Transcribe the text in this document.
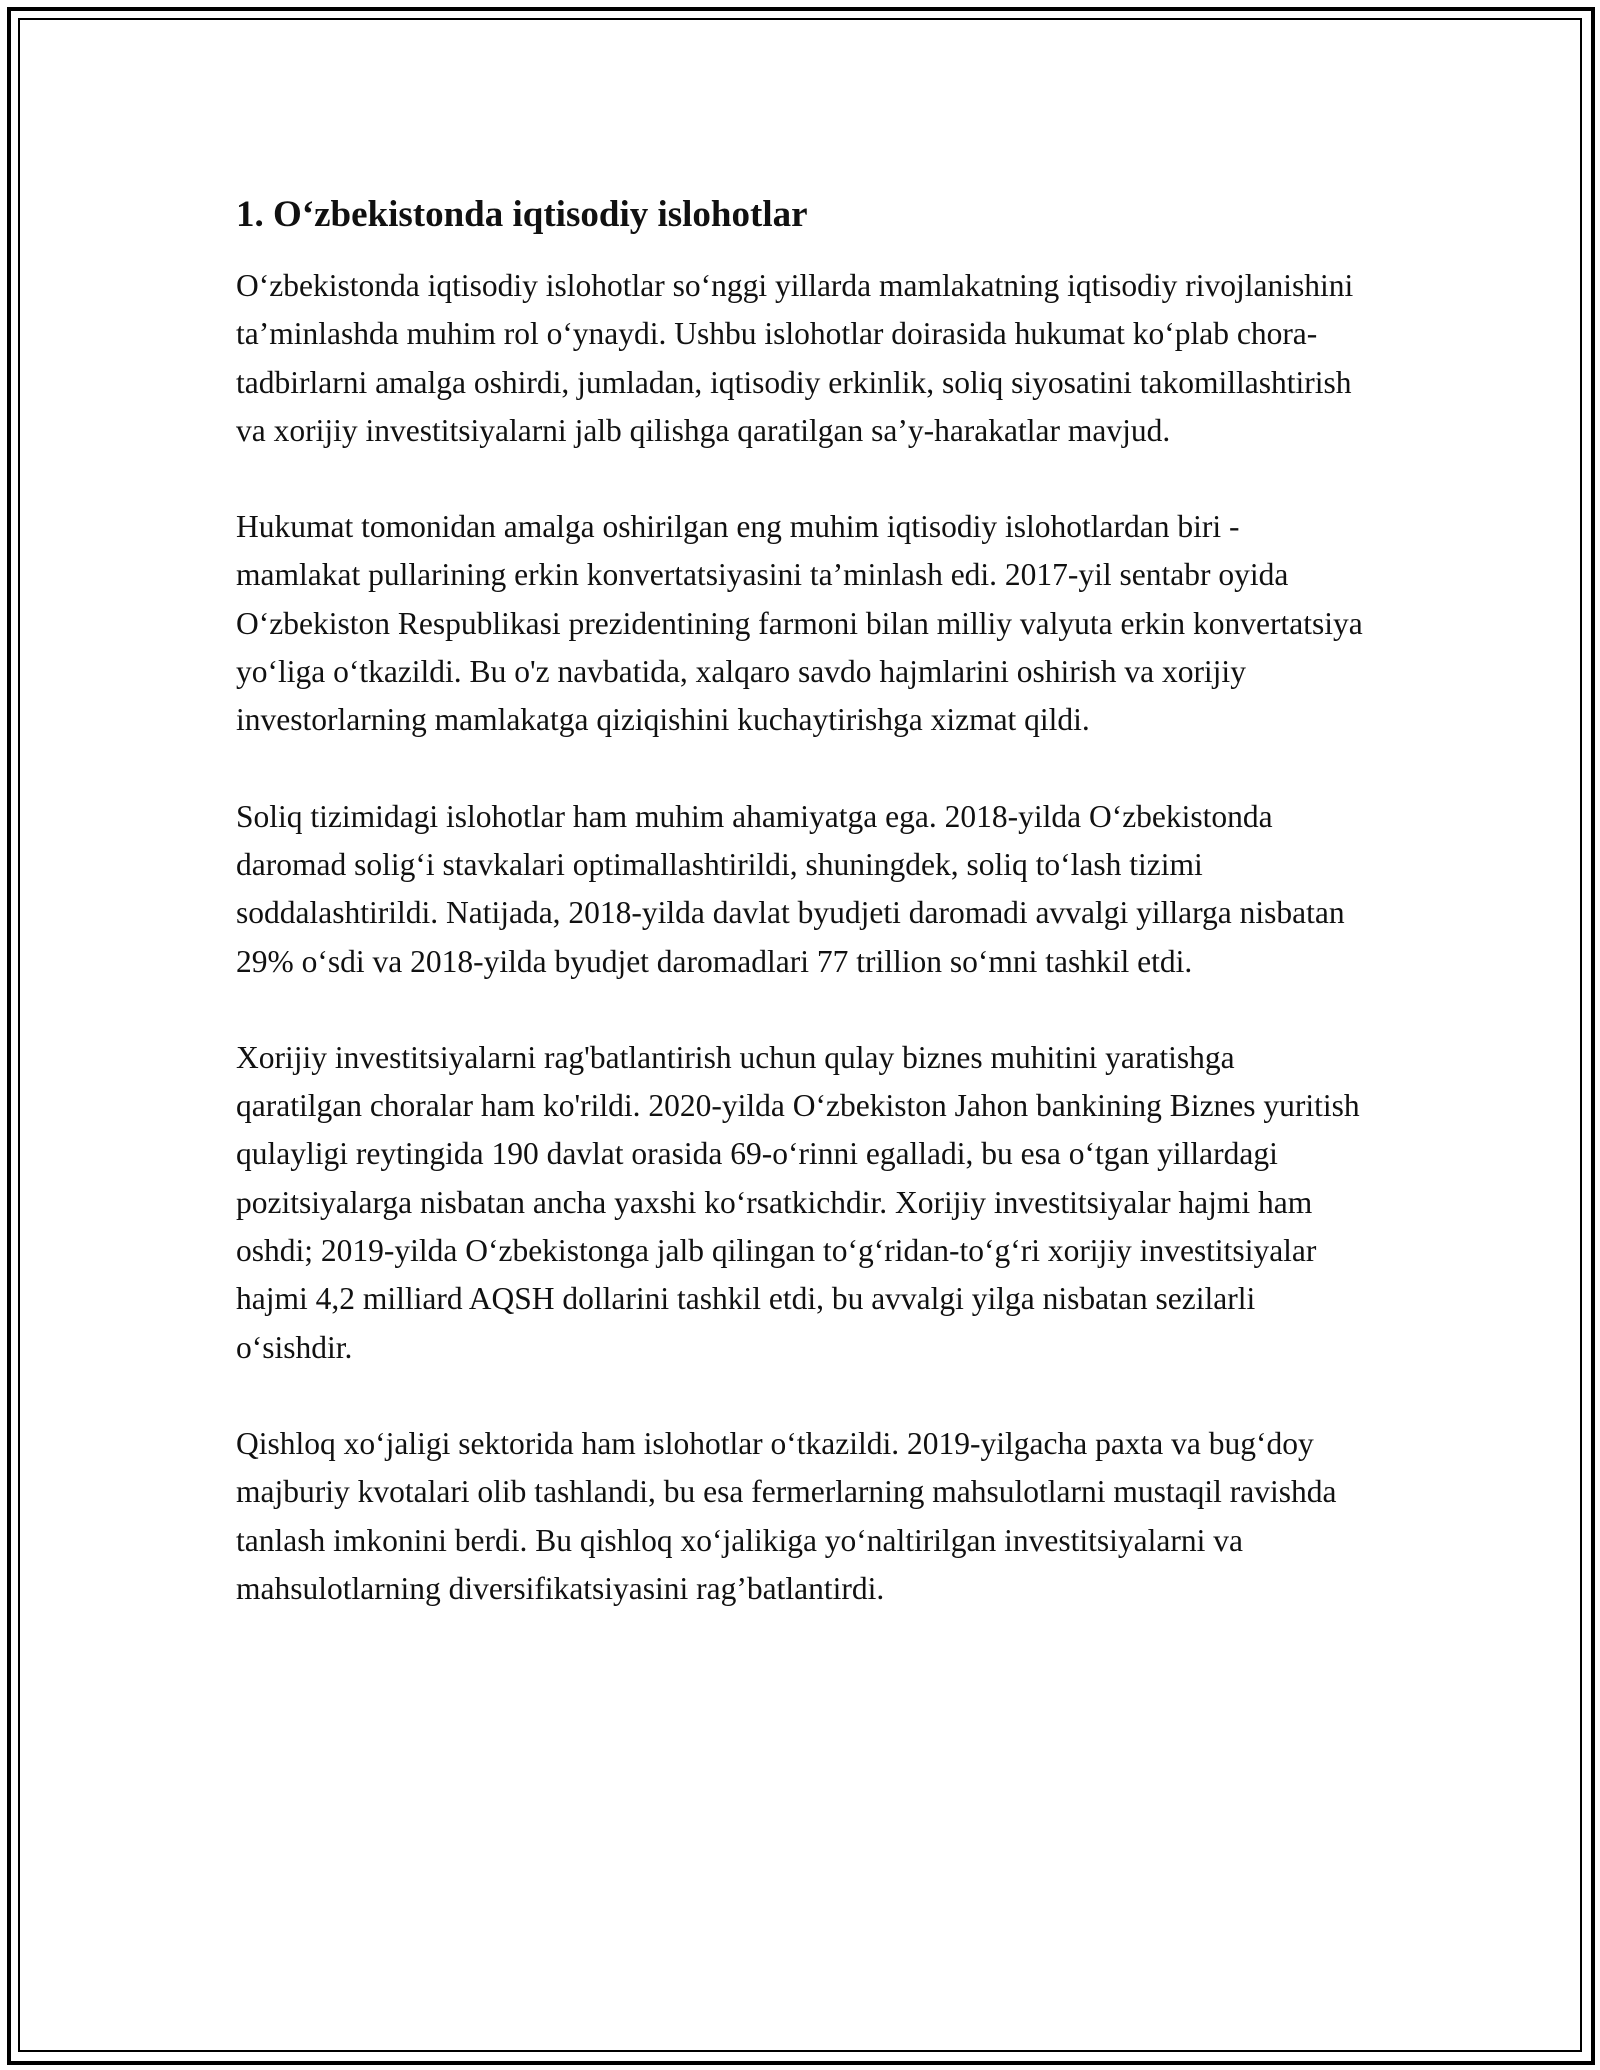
1. O‘zbekistonda iqtisodiy islohotlar

O‘zbekistonda iqtisodiy islohotlar so‘nggi yillarda mamlakatning iqtisodiy rivojlanishini ta’minlashda muhim rol o‘ynaydi. Ushbu islohotlar doirasida hukumat ko‘plab chora-tadbirlarni amalga oshirdi, jumladan, iqtisodiy erkinlik, soliq siyosatini takomillashtirish va xorijiy investitsiyalarni jalb qilishga qaratilgan sa’y-harakatlar mavjud.

Hukumat tomonidan amalga oshirilgan eng muhim iqtisodiy islohotlardan biri - mamlakat pullarining erkin konvertatsiyasini ta’minlash edi. 2017-yil sentabr oyida O‘zbekiston Respublikasi prezidentining farmoni bilan milliy valyuta erkin konvertatsiya yo‘liga o‘tkazildi. Bu o'z navbatida, xalqaro savdo hajmlarini oshirish va xorijiy investorlarning mamlakatga qiziqishini kuchaytirishga xizmat qildi.

Soliq tizimidagi islohotlar ham muhim ahamiyatga ega. 2018-yilda O‘zbekistonda daromad solig‘i stavkalari optimallashtirildi, shuningdek, soliq to‘lash tizimi soddalashtirildi. Natijada, 2018-yilda davlat byudjeti daromadi avvalgi yillarga nisbatan 29% o‘sdi va 2018-yilda byudjet daromadlari 77 trillion so‘mni tashkil etdi.

Xorijiy investitsiyalarni rag'batlantirish uchun qulay biznes muhitini yaratishga qaratilgan choralar ham ko'rildi. 2020-yilda O‘zbekiston Jahon bankining Biznes yuritish qulayligi reytingida 190 davlat orasida 69-o‘rinni egalladi, bu esa o‘tgan yillardagi pozitsiyalarga nisbatan ancha yaxshi ko‘rsatkichdir. Xorijiy investitsiyalar hajmi ham oshdi; 2019-yilda O‘zbekistonga jalb qilingan to‘g‘ridan-to‘g‘ri xorijiy investitsiyalar hajmi 4,2 milliard AQSH dollarini tashkil etdi, bu avvalgi yilga nisbatan sezilarli o‘sishdir.

Qishloq xo‘jaligi sektorida ham islohotlar o‘tkazildi. 2019-yilgacha paxta va bug‘doy majburiy kvotalari olib tashlandi, bu esa fermerlarning mahsulotlarni mustaqil ravishda tanlash imkonini berdi. Bu qishloq xo‘jalikiga yo‘naltirilgan investitsiyalarni va mahsulotlarning diversifikatsiyasini rag’batlantirdi.
